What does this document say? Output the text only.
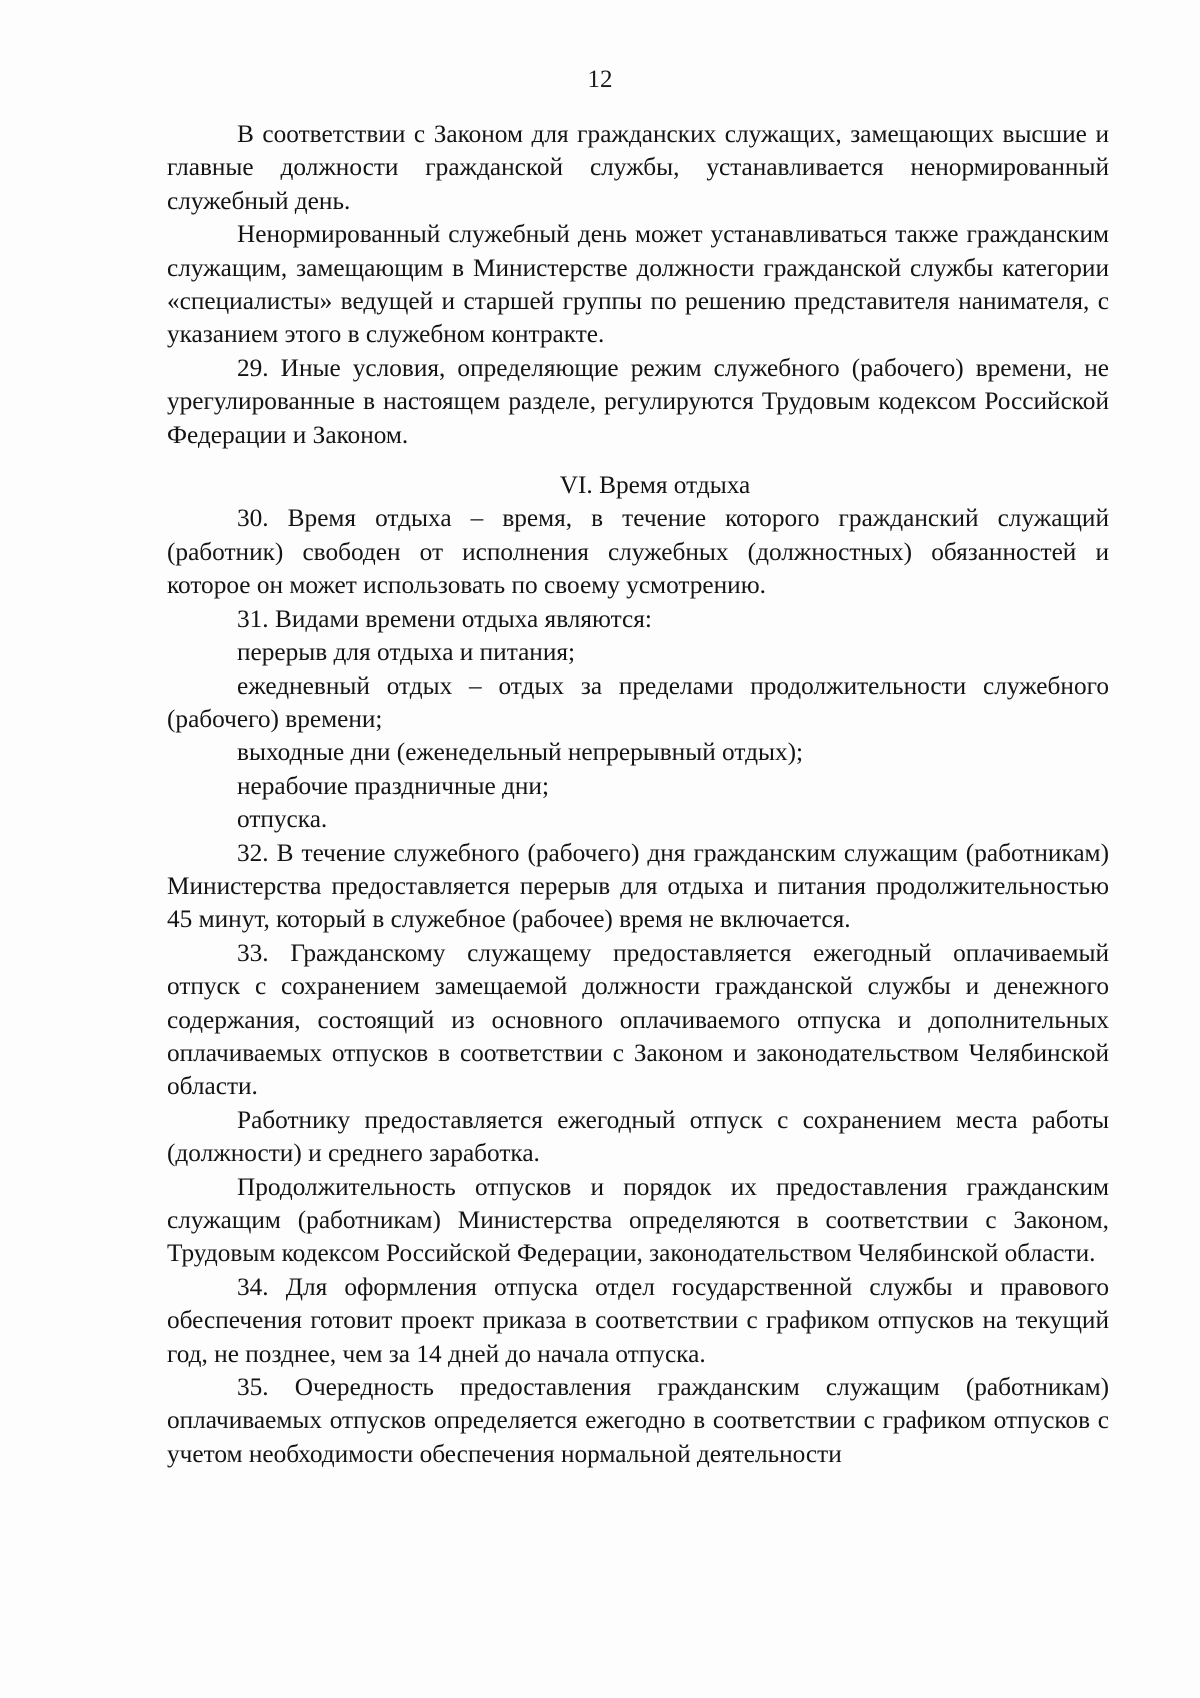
12

В соответствии с Законом для гражданских служащих, замещающих высшие и главные должности гражданской службы, устанавливается ненормированный служебный день.

Ненормированный служебный день может устанавливаться также гражданским служащим, замещающим в Министерстве должности гражданской службы категории «специалисты» ведущей и старшей группы по решению представителя нанимателя, с указанием этого в служебном контракте.

29. Иные условия, определяющие режим служебного (рабочего) времени, не урегулированные в настоящем разделе, регулируются Трудовым кодексом Российской Федерации и Законом.

VI. Время отдыха

30. Время отдыха – время, в течение которого гражданский служащий (работник) свободен от исполнения служебных (должностных) обязанностей и которое он может использовать по своему усмотрению.

31. Видами времени отдыха являются:

перерыв для отдыха и питания;

ежедневный отдых – отдых за пределами продолжительности служебного (рабочего) времени;

выходные дни (еженедельный непрерывный отдых);

нерабочие праздничные дни;

отпуска.

32. В течение служебного (рабочего) дня гражданским служащим (работникам) Министерства предоставляется перерыв для отдыха и питания продолжительностью 45 минут, который в служебное (рабочее) время не включается.

33. Гражданскому служащему предоставляется ежегодный оплачиваемый отпуск с сохранением замещаемой должности гражданской службы и денежного содержания, состоящий из основного оплачиваемого отпуска и дополнительных оплачиваемых отпусков в соответствии с Законом и законодательством Челябинской области.

Работнику предоставляется ежегодный отпуск с сохранением места работы (должности) и среднего заработка.

Продолжительность отпусков и порядок их предоставления гражданским служащим (работникам) Министерства определяются в соответствии с Законом, Трудовым кодексом Российской Федерации, законодательством Челябинской области.

34. Для оформления отпуска отдел государственной службы и правового обеспечения готовит проект приказа в соответствии с графиком отпусков на текущий год, не позднее, чем за 14 дней до начала отпуска.

35. Очередность предоставления гражданским служащим (работникам) оплачиваемых отпусков определяется ежегодно в соответствии с графиком отпусков с учетом необходимости обеспечения нормальной деятельности
